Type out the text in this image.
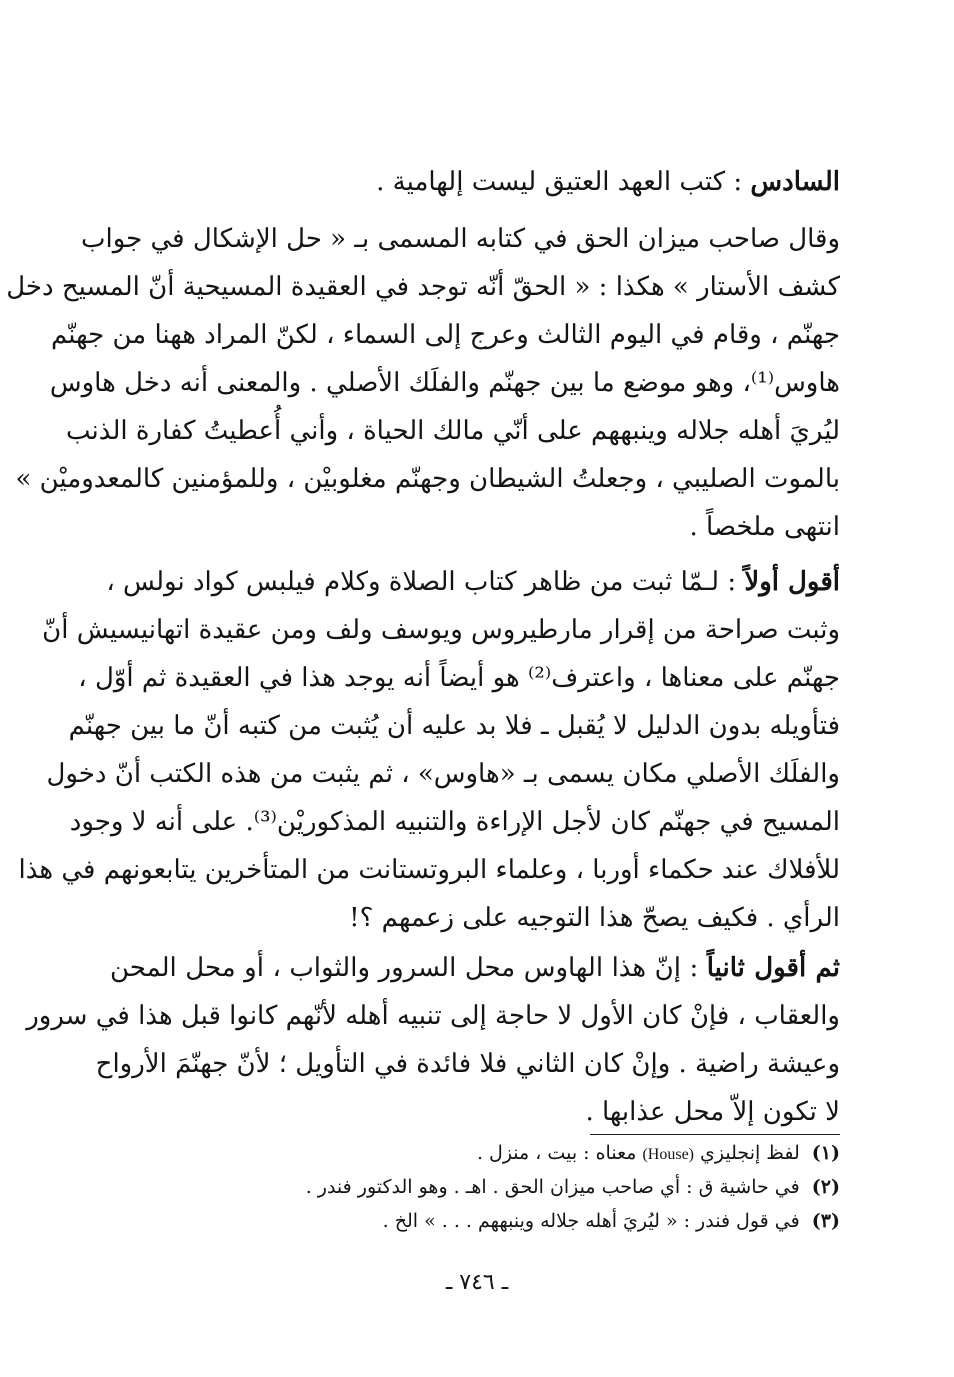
السادس : كتب العهد العتيق ليست إلهامية .
وقال صاحب ميزان الحق في كتابه المسمى بـ « حل الإشكال في جواب
كشف الأستار » هكذا : « الحقّ أنّه توجد في العقيدة المسيحية أنّ المسيح دخل
جهنّم ، وقام في اليوم الثالث وعرج إلى السماء ، لكنّ المراد ههنا من جهنّم
هاوس⁽¹⁾، وهو موضع ما بين جهنّم والفلَك الأصلي . والمعنى أنه دخل هاوس
ليُريَ أهله جلاله وينبههم على أنّي مالك الحياة ، وأني أُعطيتُ كفارة الذنب
بالموت الصليبي ، وجعلتُ الشيطان وجهنّم مغلوبيْن ، وللمؤمنين كالمعدوميْن »
انتهى ملخصاً .
أقول أولاً : لـمّا ثبت من ظاهر كتاب الصلاة وكلام فيلبس كواد نولس ،
وثبت صراحة من إقرار مارطيروس ويوسف ولف ومن عقيدة اتهانيسيش أنّ
جهنّم على معناها ، واعترف⁽²⁾ هو أيضاً أنه يوجد هذا في العقيدة ثم أوّل ،
فتأويله بدون الدليل لا يُقبل ـ فلا بد عليه أن يُثبت من كتبه أنّ ما بين جهنّم
والفلَك الأصلي مكان يسمى بـ «هاوس» ، ثم يثبت من هذه الكتب أنّ دخول
المسيح في جهنّم كان لأجل الإراءة والتنبيه المذكوريْن⁽³⁾. على أنه لا وجود
للأفلاك عند حكماء أوربا ، وعلماء البروتستانت من المتأخرين يتابعونهم في هذا
الرأي . فكيف يصحّ هذا التوجيه على زعمهم ؟!
ثم أقول ثانياً : إنّ هذا الهاوس محل السرور والثواب ، أو محل المحن
والعقاب ، فإنْ كان الأول لا حاجة إلى تنبيه أهله لأنّهم كانوا قبل هذا في سرور
وعيشة راضية . وإنْ كان الثاني فلا فائدة في التأويل ؛ لأنّ جهنّمَ الأرواح
لا تكون إلاّ محل عذابها .
(١) لفظ إنجليزي (House) معناه : بيت ، منزل .
(٢) في حاشية ق : أي صاحب ميزان الحق . اهـ . وهو الدكتور فندر .
(٣) في قول فندر : « ليُريَ أهله جلاله وينبههم . . . » الخ .
ـ ٧٤٦ ـ
